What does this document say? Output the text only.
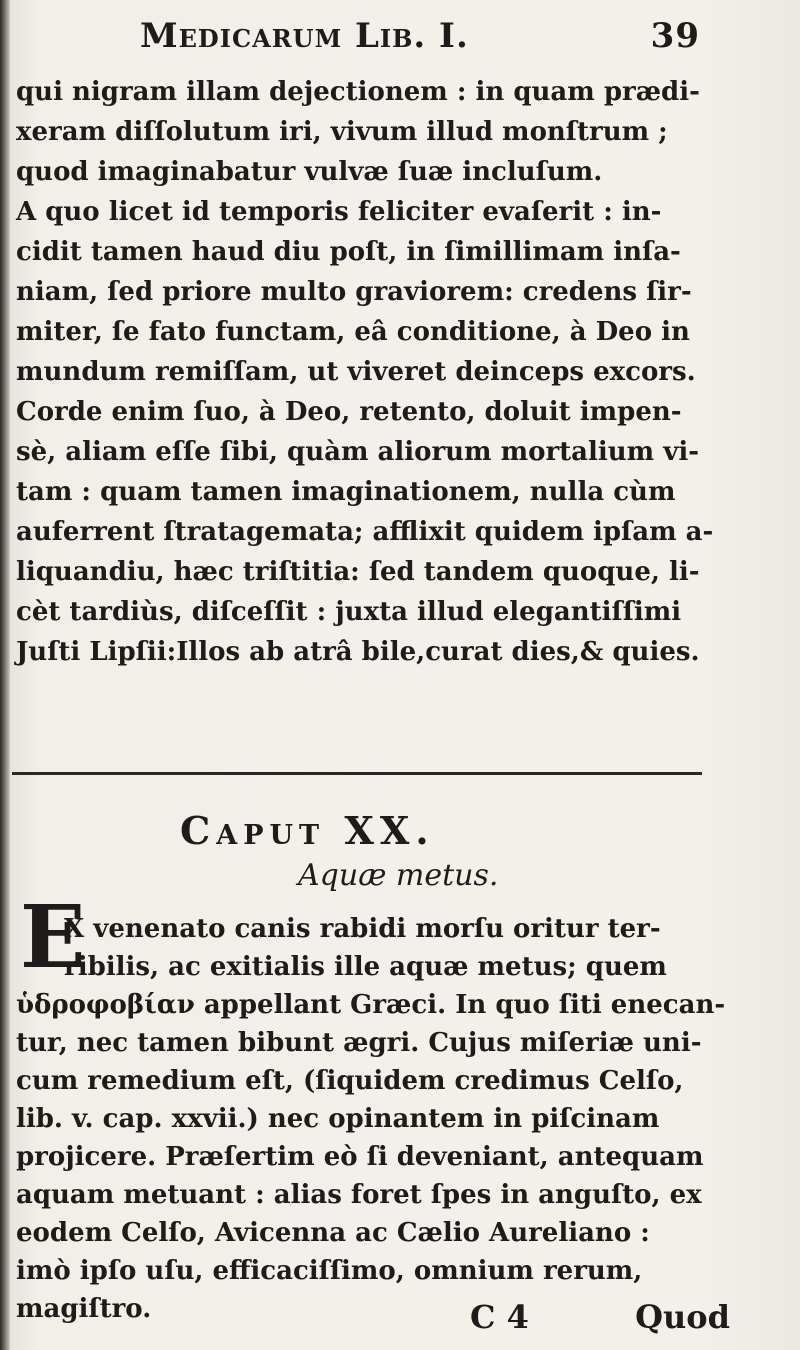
Medicarum Lib. I.	39
qui nigram illam dejectionem : in quam prædi-
xeram diſſolutum iri, vivum illud monſtrum ;
quod imaginabatur vulvæ ſuæ incluſum.
A quo licet id temporis feliciter evaſerit : in-
cidit tamen haud diu poſt, in ſimillimam inſa-
niam, ſed priore multo graviorem: credens ſir-
miter, ſe fato functam, eâ conditione, à Deo in
mundum remiſſam, ut viveret deinceps excors.
Corde enim ſuo, à Deo, retento, doluit impen-
sè, aliam eſſe ſibi, quàm aliorum mortalium vi-
tam : quam tamen imaginationem, nulla cùm
auferrent ſtratagemata; afflixit quidem ipſam a-
liquandiu, hæc triſtitia: ſed tandem quoque, li-
cèt tardiùs, diſceſſit : juxta illud elegantiſſimi
Juſti Lipſii:Illos ab atrâ bile,curat dies,& quies.
Caput XX.
Aquæ metus.
E
X venenato canis rabidi morſu oritur ter-
ribilis, ac exitialis ille aquæ metus; quem
ὑδροφοβίαν appellant Græci. In quo ſiti enecan-
tur, nec tamen bibunt ægri. Cujus miſeriæ uni-
cum remedium eſt, (ſiquidem credimus Celſo,
lib. v. cap. xxvii.) nec opinantem in piſcinam
projicere. Præſertim eò ſi deveniant, antequam
aquam metuant : alias foret ſpes in anguſto, ex
eodem Celſo, Avicenna ac Cælio Aureliano :
imò ipſo uſu, efficaciſſimo, omnium rerum,
magiſtro.	C 4	Quod
